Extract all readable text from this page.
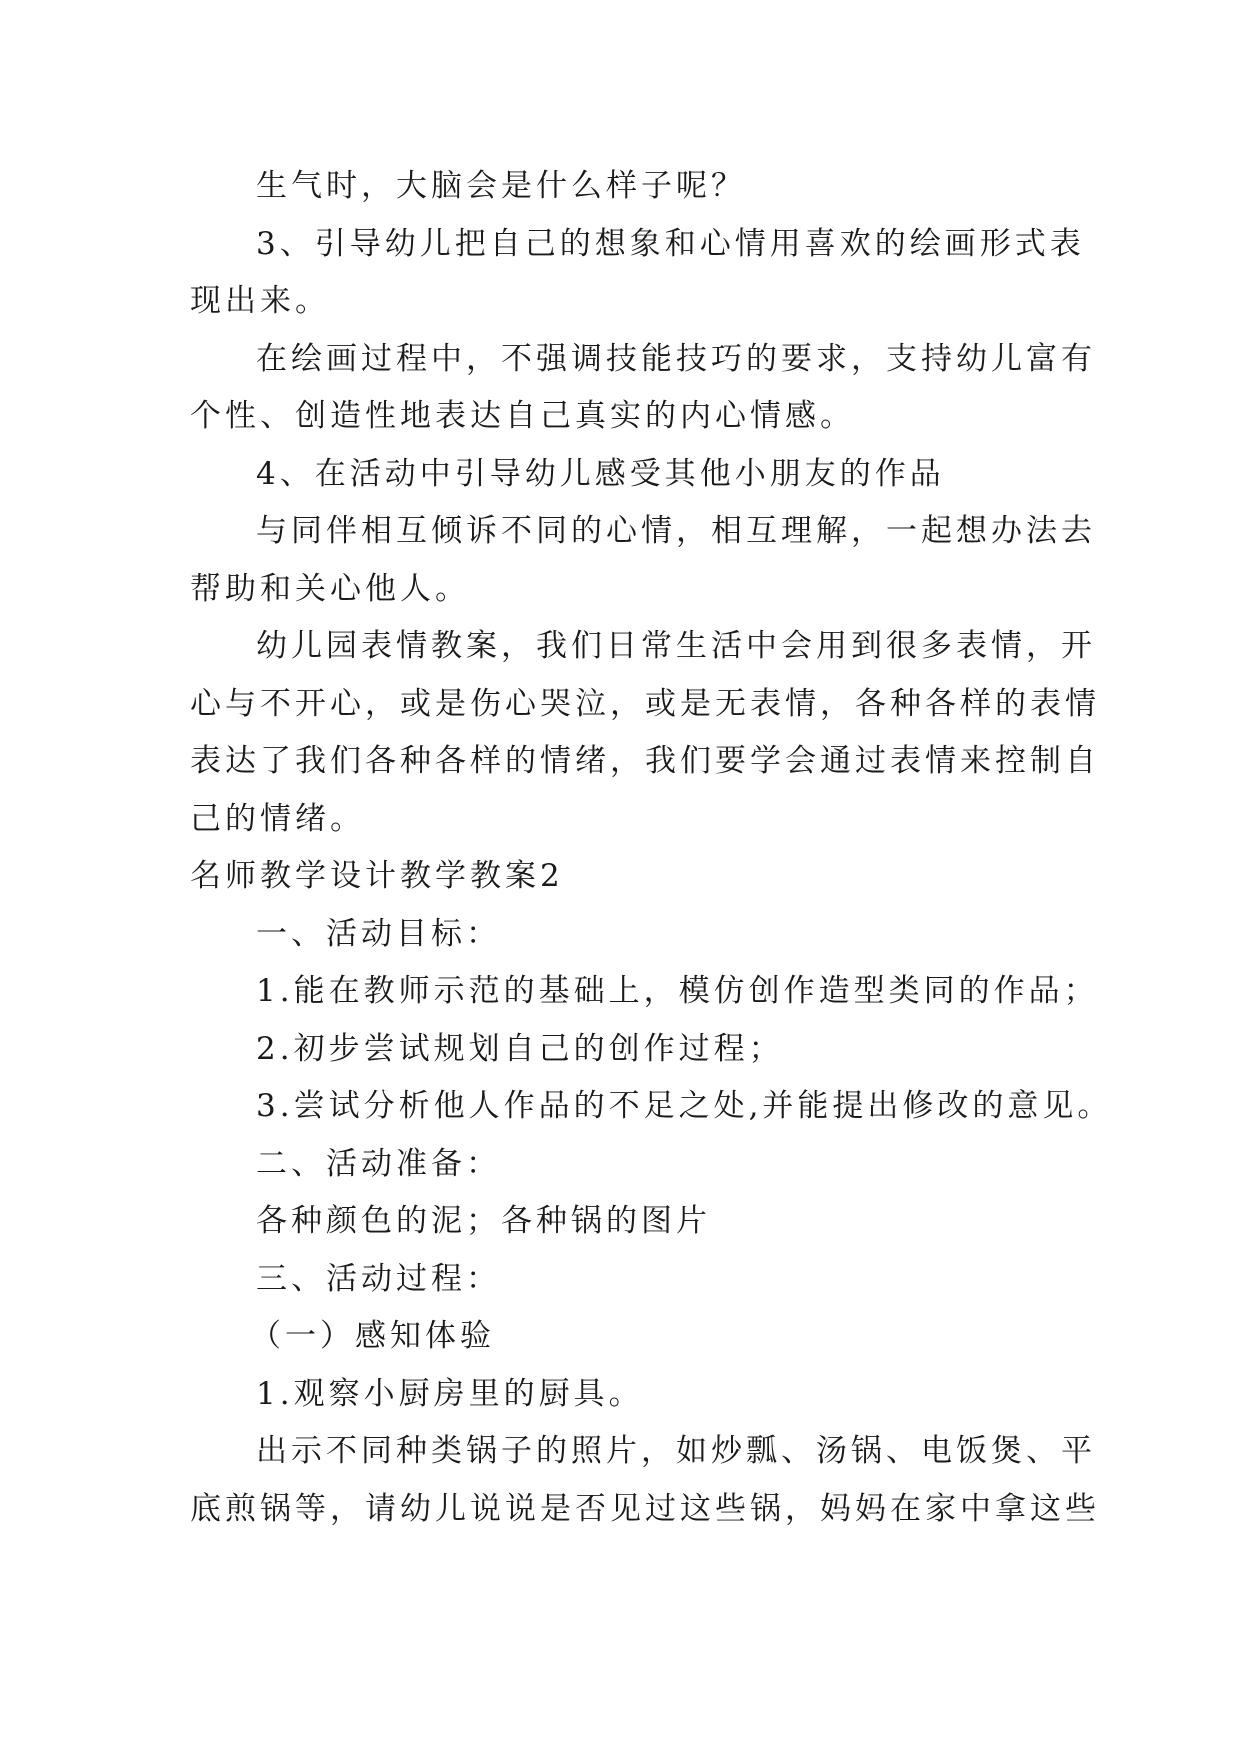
生气时，大脑会是什么样子呢？
3、引导幼儿把自己的想象和心情用喜欢的绘画形式表
现出来。
在绘画过程中，不强调技能技巧的要求，支持幼儿富有
个性、创造性地表达自己真实的内心情感。
4、在活动中引导幼儿感受其他小朋友的作品
与同伴相互倾诉不同的心情，相互理解，一起想办法去
帮助和关心他人。
幼儿园表情教案，我们日常生活中会用到很多表情，开
心与不开心，或是伤心哭泣，或是无表情，各种各样的表情
表达了我们各种各样的情绪，我们要学会通过表情来控制自
己的情绪。
名师教学设计教学教案2
一、活动目标：
1.能在教师示范的基础上，模仿创作造型类同的作品；
2.初步尝试规划自己的创作过程；
3.尝试分析他人作品的不足之处,并能提出修改的意见。
二、活动准备：
各种颜色的泥；各种锅的图片
三、活动过程：
（一）感知体验
1.观察小厨房里的厨具。
出示不同种类锅子的照片，如炒瓢、汤锅、电饭煲、平
底煎锅等，请幼儿说说是否见过这些锅，妈妈在家中拿这些
